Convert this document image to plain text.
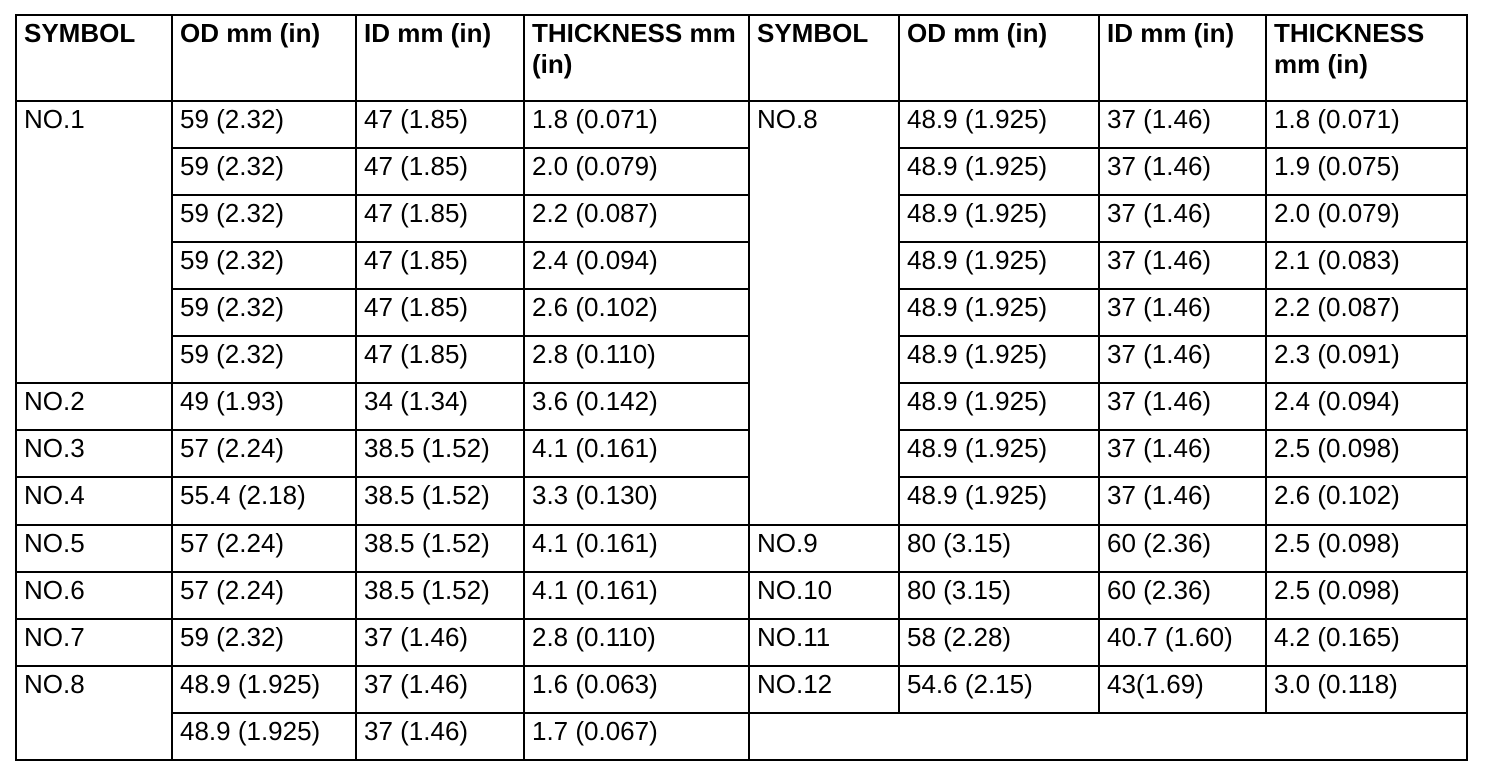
SYMBOL	OD mm (in)	ID mm (in)	THICKNESS mm (in)	SYMBOL	OD mm (in)	ID mm (in)	THICKNESS mm (in)
NO.1	59 (2.32)	47 (1.85)	1.8 (0.071)	NO.8	48.9 (1.925)	37 (1.46)	1.8 (0.071)
	59 (2.32)	47 (1.85)	2.0 (0.079)		48.9 (1.925)	37 (1.46)	1.9 (0.075)
	59 (2.32)	47 (1.85)	2.2 (0.087)		48.9 (1.925)	37 (1.46)	2.0 (0.079)
	59 (2.32)	47 (1.85)	2.4 (0.094)		48.9 (1.925)	37 (1.46)	2.1 (0.083)
	59 (2.32)	47 (1.85)	2.6 (0.102)		48.9 (1.925)	37 (1.46)	2.2 (0.087)
	59 (2.32)	47 (1.85)	2.8 (0.110)		48.9 (1.925)	37 (1.46)	2.3 (0.091)
NO.2	49 (1.93)	34 (1.34)	3.6 (0.142)		48.9 (1.925)	37 (1.46)	2.4 (0.094)
NO.3	57 (2.24)	38.5 (1.52)	4.1 (0.161)		48.9 (1.925)	37 (1.46)	2.5 (0.098)
NO.4	55.4 (2.18)	38.5 (1.52)	3.3 (0.130)		48.9 (1.925)	37 (1.46)	2.6 (0.102)
NO.5	57 (2.24)	38.5 (1.52)	4.1 (0.161)	NO.9	80 (3.15)	60 (2.36)	2.5 (0.098)
NO.6	57 (2.24)	38.5 (1.52)	4.1 (0.161)	NO.10	80 (3.15)	60 (2.36)	2.5 (0.098)
NO.7	59 (2.32)	37 (1.46)	2.8 (0.110)	NO.11	58 (2.28)	40.7 (1.60)	4.2 (0.165)
NO.8	48.9 (1.925)	37 (1.46)	1.6 (0.063)	NO.12	54.6 (2.15)	43(1.69)	3.0 (0.118)
	48.9 (1.925)	37 (1.46)	1.7 (0.067)				
